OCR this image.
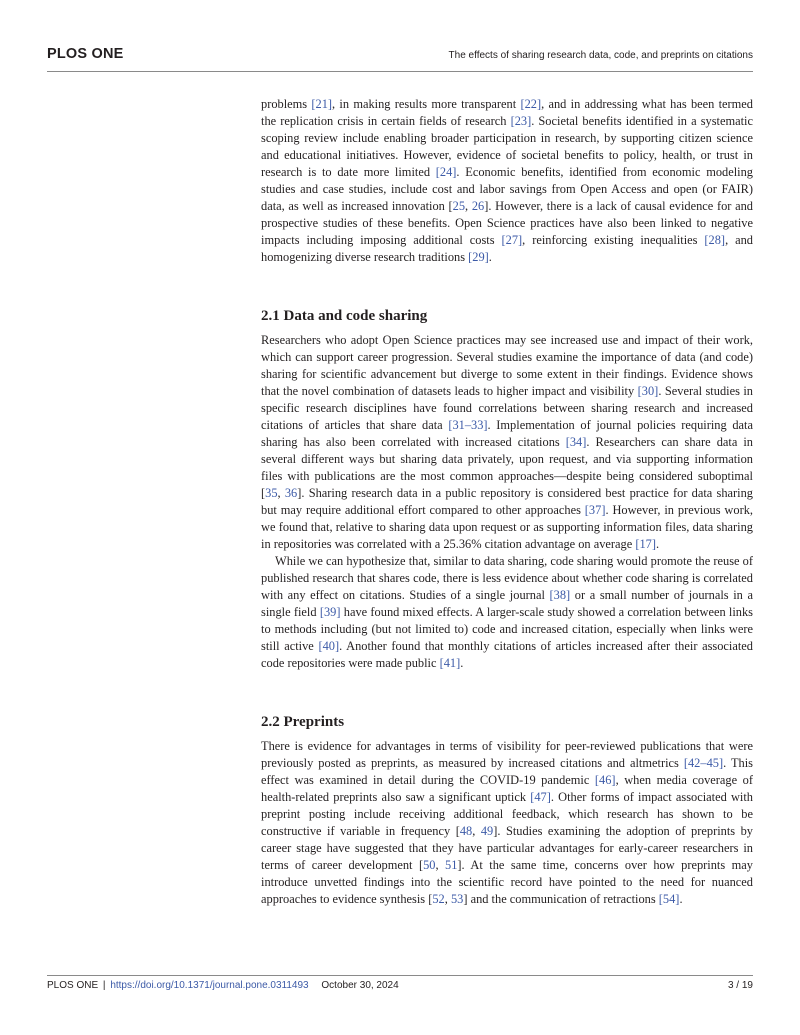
PLOS ONE	The effects of sharing research data, code, and preprints on citations

problems [21], in making results more transparent [22], and in addressing what has been termed the replication crisis in certain fields of research [23]. Societal benefits identified in a systematic scoping review include enabling broader participation in research, by supporting citizen science and educational initiatives. However, evidence of societal benefits to policy, health, or trust in research is to date more limited [24]. Economic benefits, identified from economic modeling studies and case studies, include cost and labor savings from Open Access and open (or FAIR) data, as well as increased innovation [25, 26]. However, there is a lack of causal evidence for and prospective studies of these benefits. Open Science practices have also been linked to negative impacts including imposing additional costs [27], reinforcing existing inequalities [28], and homogenizing diverse research traditions [29].

2.1 Data and code sharing

Researchers who adopt Open Science practices may see increased use and impact of their work, which can support career progression. Several studies examine the importance of data (and code) sharing for scientific advancement but diverge to some extent in their findings. Evidence shows that the novel combination of datasets leads to higher impact and visibility [30]. Several studies in specific research disciplines have found correlations between sharing research and increased citations of articles that share data [31–33]. Implementation of journal policies requiring data sharing has also been correlated with increased citations [34]. Researchers can share data in several different ways but sharing data privately, upon request, and via supporting information files with publications are the most common approaches—despite being considered suboptimal [35, 36]. Sharing research data in a public repository is considered best practice for data sharing but may require additional effort compared to other approaches [37]. However, in previous work, we found that, relative to sharing data upon request or as supporting information files, data sharing in repositories was correlated with a 25.36% citation advantage on average [17].

While we can hypothesize that, similar to data sharing, code sharing would promote the reuse of published research that shares code, there is less evidence about whether code sharing is correlated with any effect on citations. Studies of a single journal [38] or a small number of journals in a single field [39] have found mixed effects. A larger-scale study showed a correlation between links to methods including (but not limited to) code and increased citation, especially when links were still active [40]. Another found that monthly citations of articles increased after their associated code repositories were made public [41].

2.2 Preprints

There is evidence for advantages in terms of visibility for peer-reviewed publications that were previously posted as preprints, as measured by increased citations and altmetrics [42–45]. This effect was examined in detail during the COVID-19 pandemic [46], when media coverage of health-related preprints also saw a significant uptick [47]. Other forms of impact associated with preprint posting include receiving additional feedback, which research has shown to be constructive if variable in frequency [48, 49]. Studies examining the adoption of preprints by career stage have suggested that they have particular advantages for early-career researchers in terms of career development [50, 51]. At the same time, concerns over how preprints may introduce unvetted findings into the scientific record have pointed to the need for nuanced approaches to evidence synthesis [52, 53] and the communication of retractions [54].

PLOS ONE | https://doi.org/10.1371/journal.pone.0311493 October 30, 2024	3 / 19
